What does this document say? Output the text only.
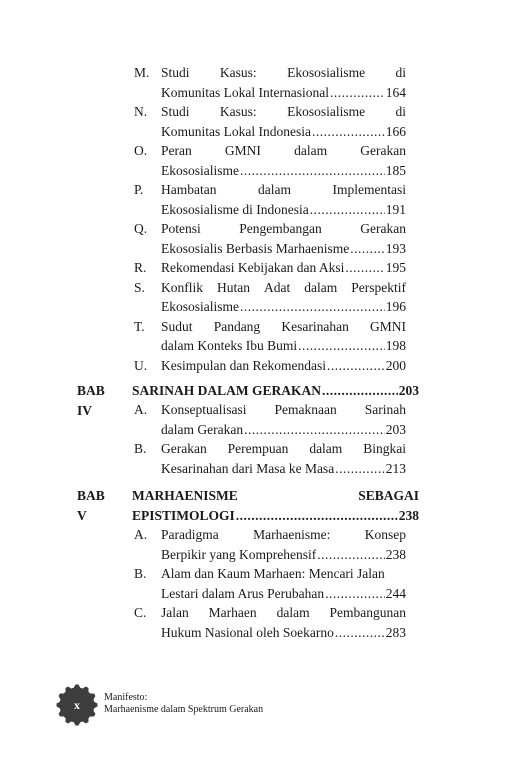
M. Studi Kasus: Ekososialisme di
Komunitas Lokal Internasional .....	164
N. Studi Kasus: Ekososialisme di
Komunitas Lokal Indonesia .....	166
O. Peran GMNI dalam Gerakan
Ekososialisme .....	185
P. Hambatan	dalam	Implementasi
Ekososialisme di Indonesia .....	191
Q. Potensi	Pengembangan	Gerakan
Ekososialis Berbasis Marhaenisme .....	193
R. Rekomendasi Kebijakan dan Aksi .....	195
S. Konflik Hutan Adat dalam Perspektif
Ekososialisme .....	196
T. Sudut Pandang Kesarinahan GMNI
dalam Konteks Ibu Bumi .....	198
U. Kesimpulan dan Rekomendasi .....	200
BAB IV
SARINAH DALAM GERAKAN .....	203
A. Konseptualisasi Pemaknaan Sarinah
dalam Gerakan .....	203
B. Gerakan Perempuan dalam Bingkai
Kesarinahan dari Masa ke Masa .....	213
BAB V
MARHAENISME	SEBAGAI
EPISTIMOLOGI .....	238
A. Paradigma	Marhaenisme:	Konsep
Berpikir yang Komprehensif .....	238
B. Alam dan Kaum Marhaen: Mencari Jalan
Lestari dalam Arus Perubahan .....	244
C. Jalan Marhaen dalam Pembangunan
Hukum Nasional oleh Soekarno .....	283
x
Manifesto:
Marhaenisme dalam Spektrum Gerakan
